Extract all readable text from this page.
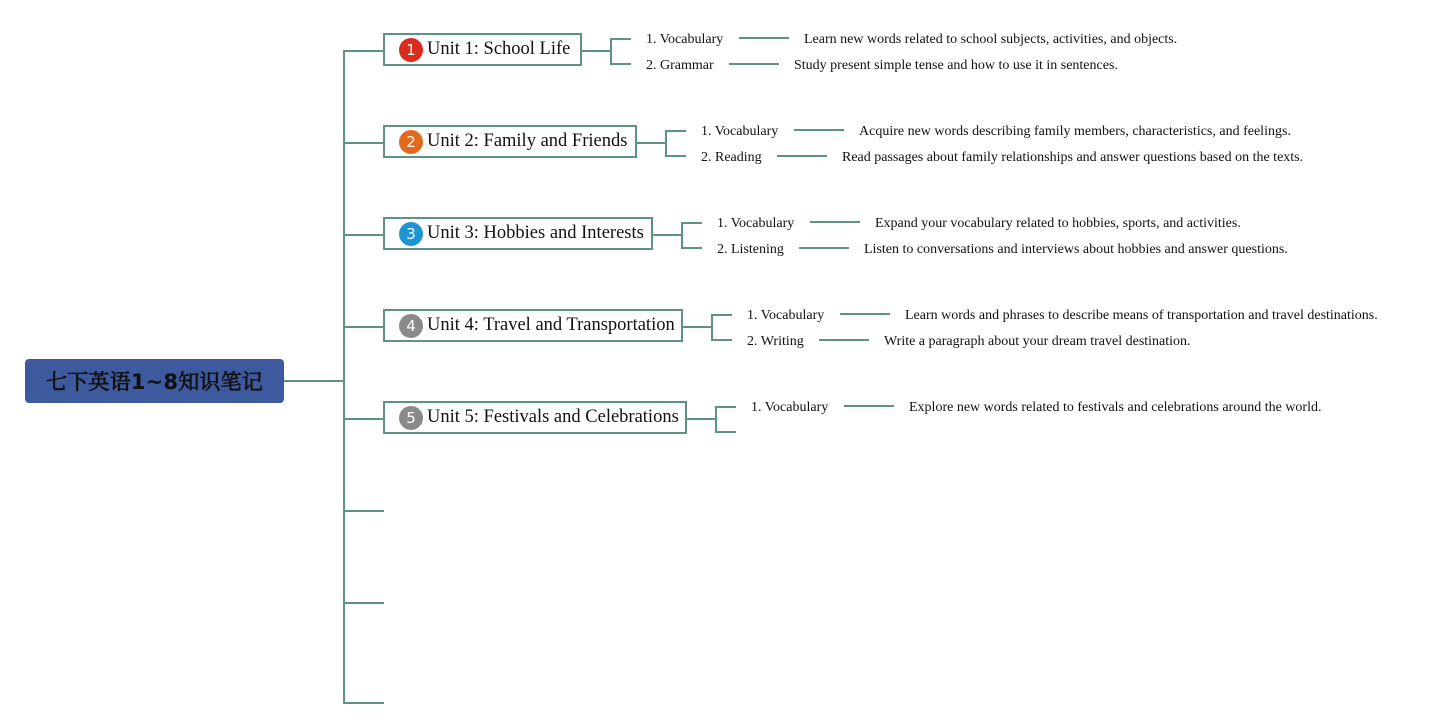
七下英语1~8知识笔记
1 Unit 1: School Life	1. Vocabulary	Learn new words related to school subjects, activities, and objects.
2. Grammar	Study present simple tense and how to use it in sentences.
2 Unit 2: Family and Friends	1. Vocabulary	Acquire new words describing family members, characteristics, and feelings.
2. Reading	Read passages about family relationships and answer questions based on the texts.
3 Unit 3: Hobbies and Interests	1. Vocabulary	Expand your vocabulary related to hobbies, sports, and activities.
2. Listening	Listen to conversations and interviews about hobbies and answer questions.
4 Unit 4: Travel and Transportation	1. Vocabulary	Learn words and phrases to describe means of transportation and travel destinations.
2. Writing	Write a paragraph about your dream travel destination.
5 Unit 5: Festivals and Celebrations	1. Vocabulary	Explore new words related to festivals and celebrations around the world.
